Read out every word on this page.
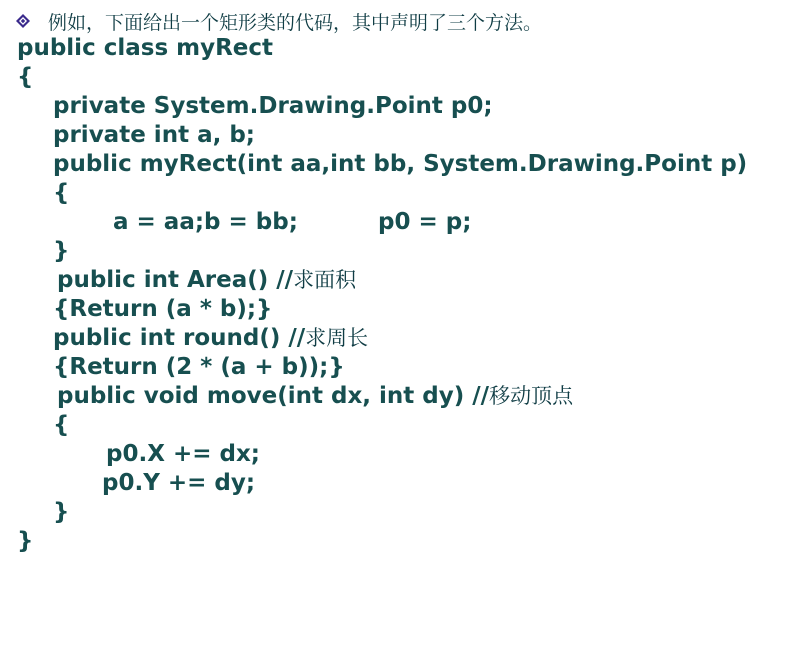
例如，下面给出一个矩形类的代码，其中声明了三个方法。
public class myRect
{
private System.Drawing.Point p0;
private int a, b;
public myRect(int aa,int bb, System.Drawing.Point p)
{
a = aa;b = bb;          p0 = p;
}
public int Area() //求面积
{Return (a * b);}
public int round() //求周长
{Return (2 * (a + b));}
public void move(int dx, int dy) //移动顶点
{
p0.X += dx;
p0.Y += dy;
}
}
